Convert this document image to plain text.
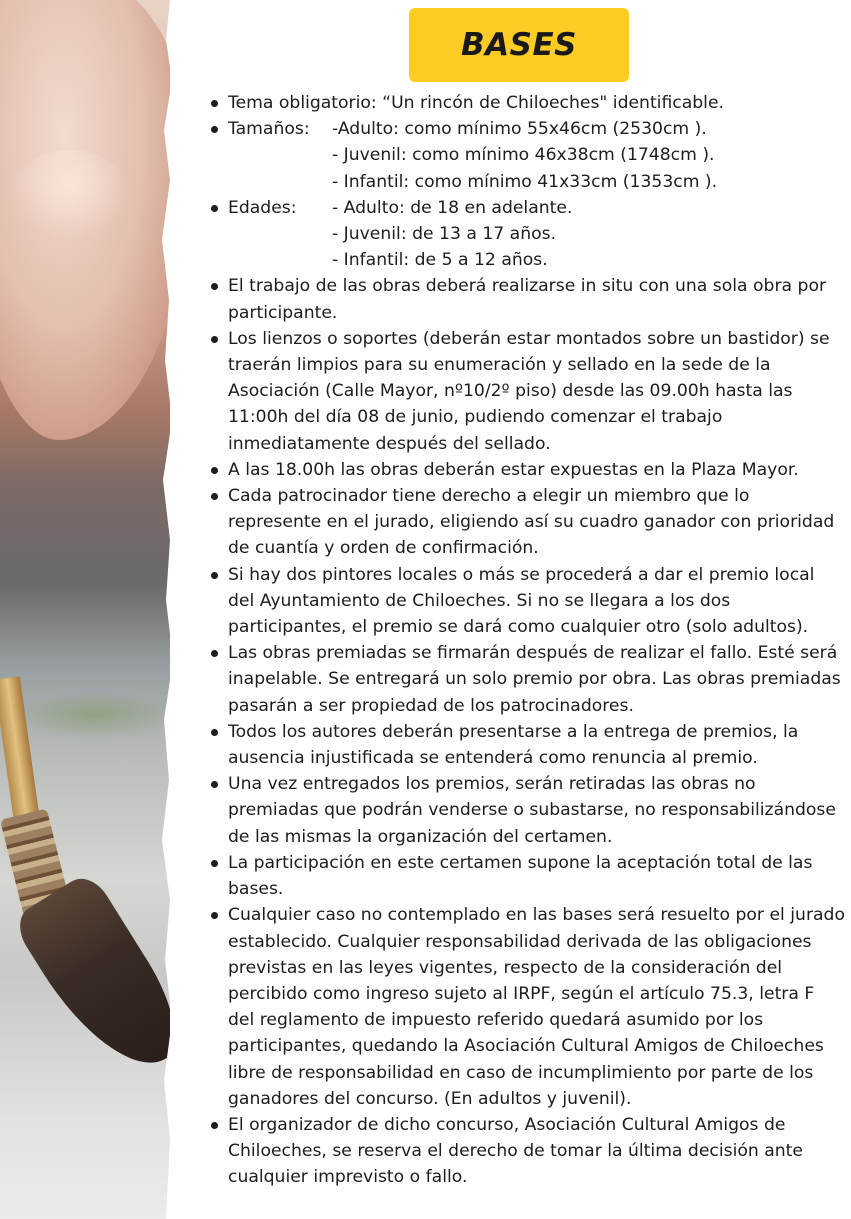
BASES
Tema obligatorio: “Un rincón de Chiloeches" identificable.
Tamaños: -Adulto: como mínimo 55x46cm (2530cm ).
- Juvenil: como mínimo 46x38cm (1748cm ).
- Infantil: como mínimo 41x33cm (1353cm ).
Edades: - Adulto: de 18 en adelante.
- Juvenil: de 13 a 17 años.
- Infantil: de 5 a 12 años.
El trabajo de las obras deberá realizarse in situ con una sola obra por participante.
Los lienzos o soportes (deberán estar montados sobre un bastidor) se traerán limpios para su enumeración y sellado en la sede de la Asociación (Calle Mayor, nº10/2º piso) desde las 09.00h hasta las 11:00h del día 08 de junio, pudiendo comenzar el trabajo inmediatamente después del sellado.
A las 18.00h las obras deberán estar expuestas en la Plaza Mayor.
Cada patrocinador tiene derecho a elegir un miembro que lo represente en el jurado, eligiendo así su cuadro ganador con prioridad de cuantía y orden de confirmación.
Si hay dos pintores locales o más se procederá a dar el premio local del Ayuntamiento de Chiloeches. Si no se llegara a los dos participantes, el premio se dará como cualquier otro (solo adultos).
Las obras premiadas se firmarán después de realizar el fallo. Esté será inapelable. Se entregará un solo premio por obra. Las obras premiadas pasarán a ser propiedad de los patrocinadores.
Todos los autores deberán presentarse a la entrega de premios, la ausencia injustificada se entenderá como renuncia al premio.
Una vez entregados los premios, serán retiradas las obras no premiadas que podrán venderse o subastarse, no responsabilizándose de las mismas la organización del certamen.
La participación en este certamen supone la aceptación total de las bases.
Cualquier caso no contemplado en las bases será resuelto por el jurado establecido. Cualquier responsabilidad derivada de las obligaciones previstas en las leyes vigentes, respecto de la consideración del percibido como ingreso sujeto al IRPF, según el artículo 75.3, letra F del reglamento de impuesto referido quedará asumido por los participantes, quedando la Asociación Cultural Amigos de Chiloeches libre de responsabilidad en caso de incumplimiento por parte de los ganadores del concurso. (En adultos y juvenil).
El organizador de dicho concurso, Asociación Cultural Amigos de Chiloeches, se reserva el derecho de tomar la última decisión ante cualquier imprevisto o fallo.
